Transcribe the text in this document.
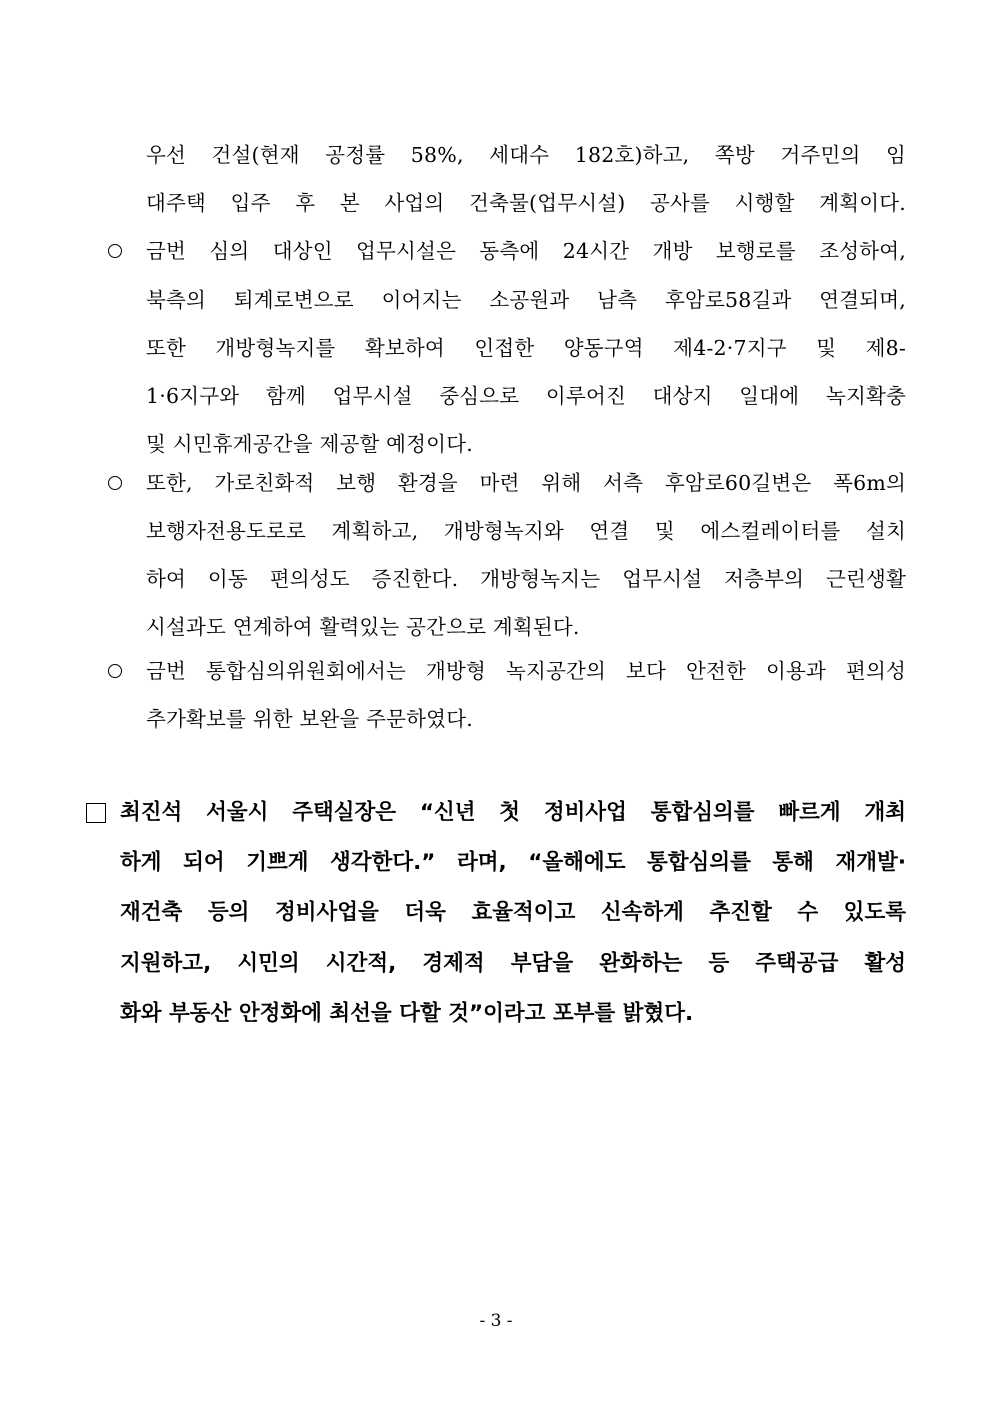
우선 건설(현재 공정률 58%, 세대수 182호)하고, 쪽방 거주민의 임
대주택 입주 후 본 사업의 건축물(업무시설) 공사를 시행할 계획이다.
금번 심의 대상인 업무시설은 동측에 24시간 개방 보행로를 조성하여,
북측의 퇴계로변으로 이어지는 소공원과 남측 후암로58길과 연결되며,
또한 개방형녹지를 확보하여 인접한 양동구역 제4-2·7지구 및 제8-
1·6지구와 함께 업무시설 중심으로 이루어진 대상지 일대에 녹지확충
및 시민휴게공간을 제공할 예정이다.
또한, 가로친화적 보행 환경을 마련 위해 서측 후암로60길변은 폭6m의
보행자전용도로로 계획하고, 개방형녹지와 연결 및 에스컬레이터를 설치
하여 이동 편의성도 증진한다. 개방형녹지는 업무시설 저층부의 근린생활
시설과도 연계하여 활력있는 공간으로 계획된다.
금번 통합심의위원회에서는 개방형 녹지공간의 보다 안전한 이용과 편의성
추가확보를 위한 보완을 주문하였다.
최진석 서울시 주택실장은 “신년 첫 정비사업 통합심의를 빠르게 개최
하게 되어 기쁘게 생각한다.” 라며, “올해에도 통합심의를 통해 재개발·
재건축 등의 정비사업을 더욱 효율적이고 신속하게 추진할 수 있도록
지원하고, 시민의 시간적, 경제적 부담을 완화하는 등 주택공급 활성
화와 부동산 안정화에 최선을 다할 것”이라고 포부를 밝혔다.
- 3 -
